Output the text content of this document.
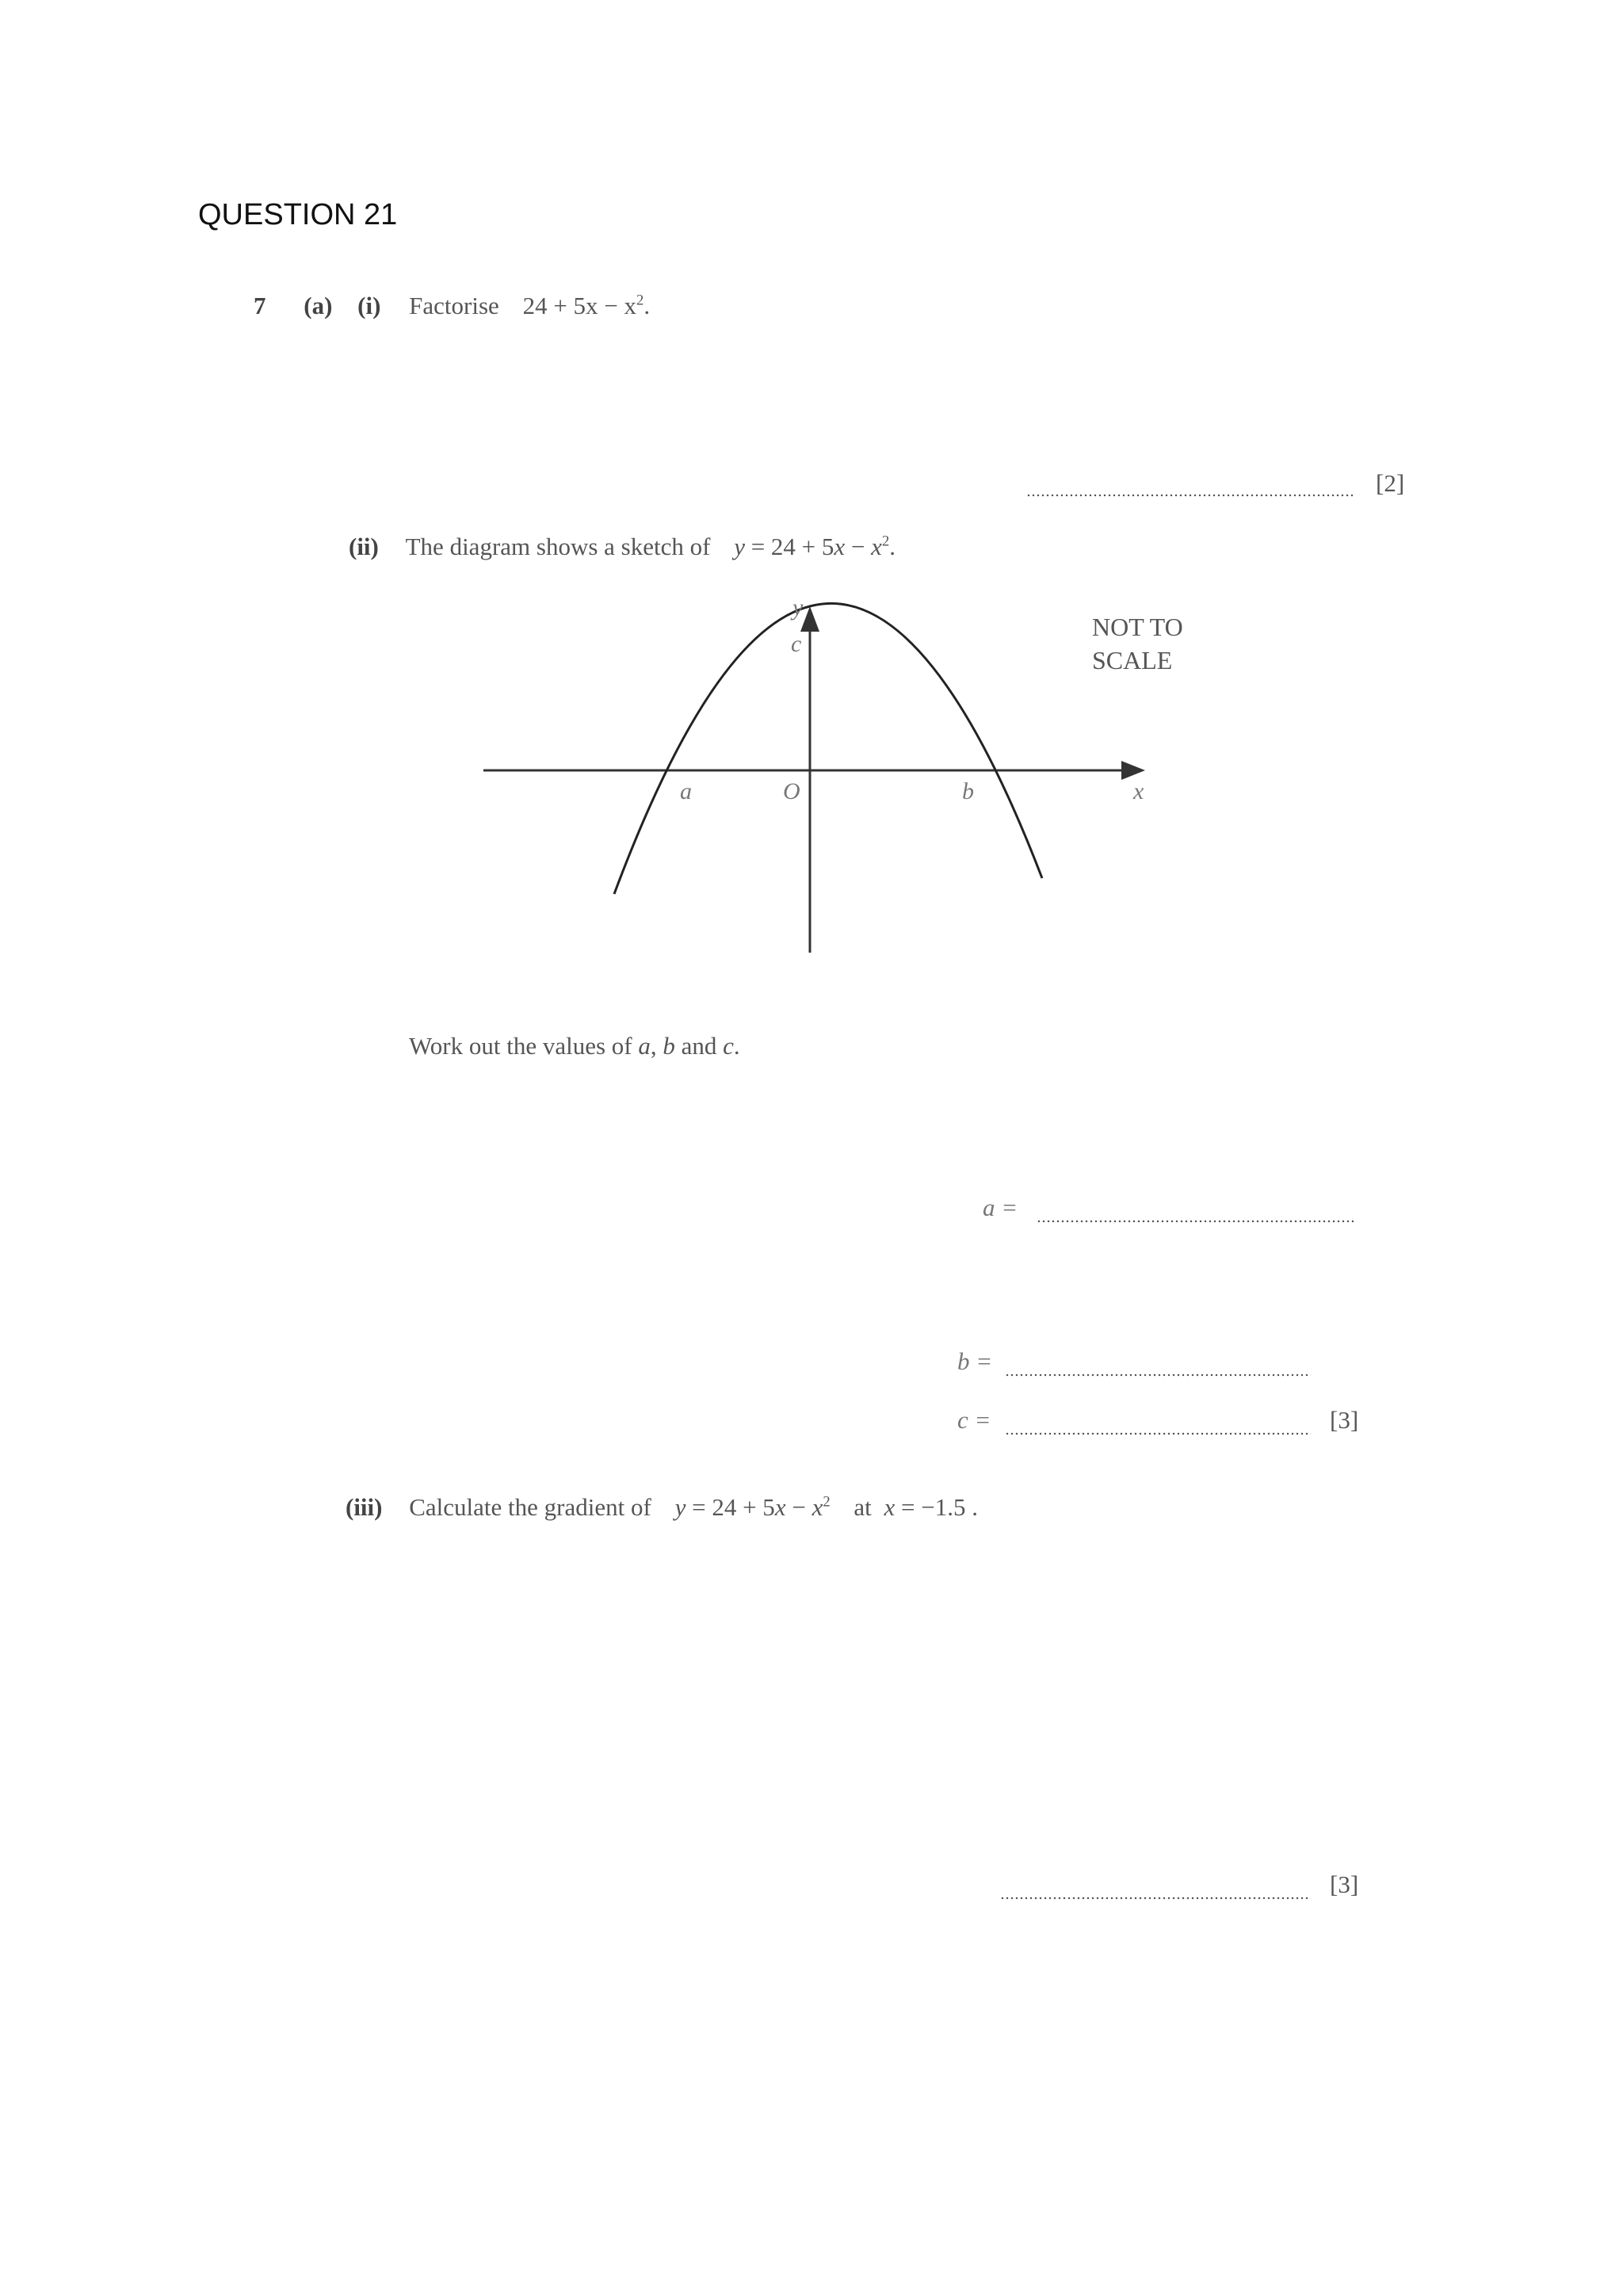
QUESTION 21
7 (a) (i) Factorise $24 + 5x - x^2$.
[2]
(ii) The diagram shows a sketch of $y = 24 + 5x - x^2$.
y
c
a	O	b	x
NOT TO
SCALE
Work out the values of a, b and c.
a =
b =
c =	[3]
(iii) Calculate the gradient of $y = 24 + 5x - x^2$ at x = −1.5 .
[3]
